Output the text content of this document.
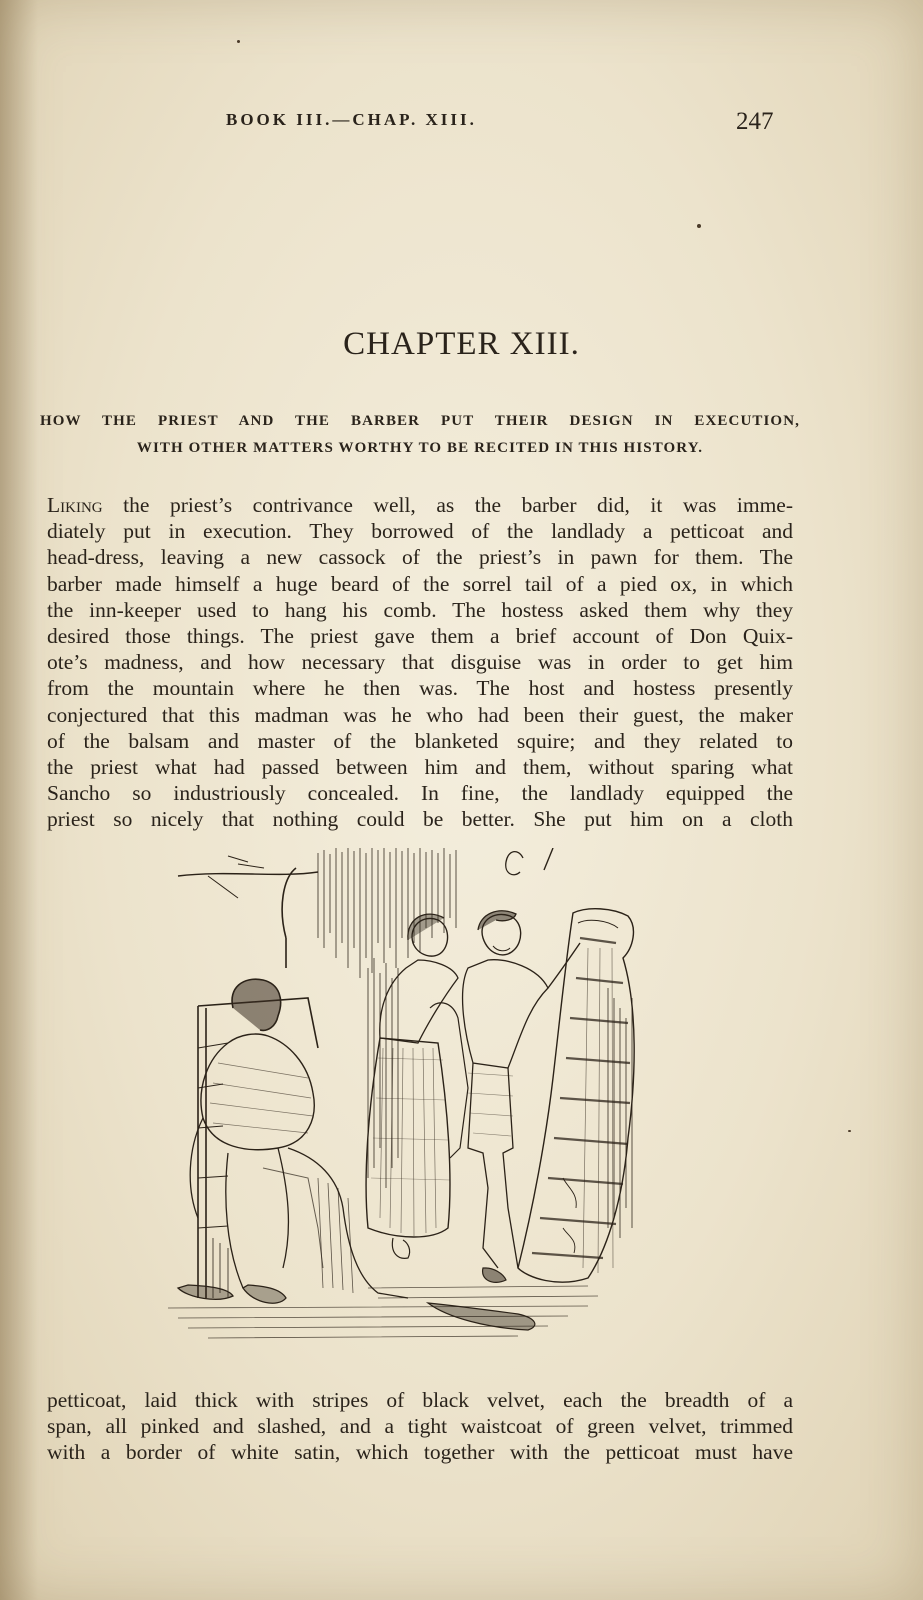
BOOK III.—CHAP. XIII.	247
CHAPTER XIII.
HOW THE PRIEST AND THE BARBER PUT THEIR DESIGN IN EXECUTION,
WITH OTHER MATTERS WORTHY TO BE RECITED IN THIS HISTORY.
Liking the priest’s contrivance well, as the barber did, it was imme-
diately put in execution. They borrowed of the landlady a petticoat and
head-dress, leaving a new cassock of the priest’s in pawn for them. The
barber made himself a huge beard of the sorrel tail of a pied ox, in which
the inn-keeper used to hang his comb. The hostess asked them why they
desired those things. The priest gave them a brief account of Don Quix-
ote’s madness, and how necessary that disguise was in order to get him
from the mountain where he then was. The host and hostess presently
conjectured that this madman was he who had been their guest, the maker
of the balsam and master of the blanketed squire; and they related to
the priest what had passed between him and them, without sparing what
Sancho so industriously concealed. In fine, the landlady equipped the
priest so nicely that nothing could be better. She put him on a cloth
petticoat, laid thick with stripes of black velvet, each the breadth of a
span, all pinked and slashed, and a tight waistcoat of green velvet, trimmed
with a border of white satin, which together with the petticoat must have
